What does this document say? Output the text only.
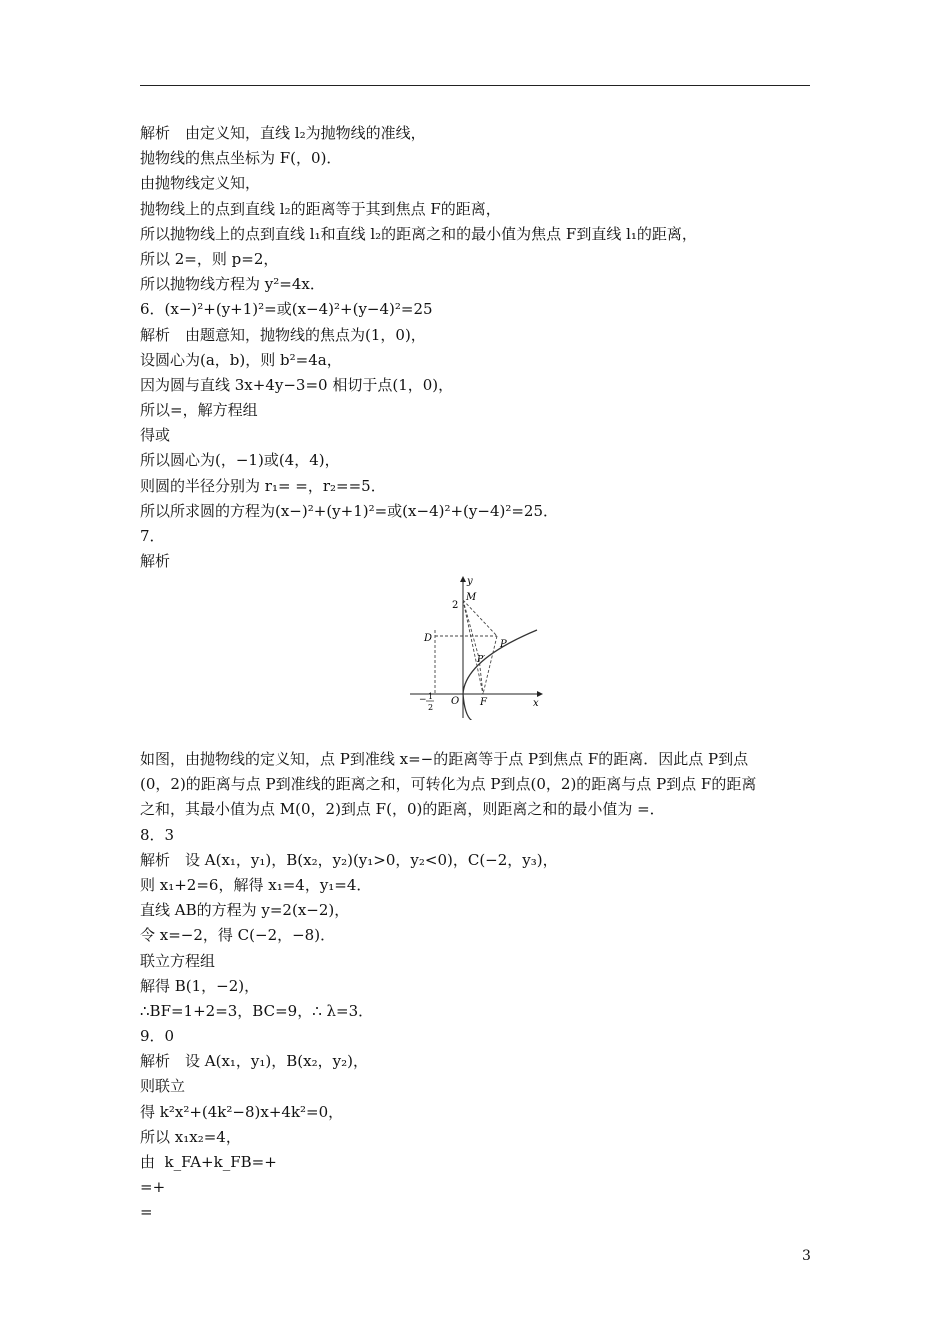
解析　由定义知，直线 l₂为抛物线的准线，
抛物线的焦点坐标为 F(，0)．
由抛物线定义知，
抛物线上的点到直线 l₂的距离等于其到焦点 F的距离，
所以抛物线上的点到直线 l₁和直线 l₂的距离之和的最小值为焦点 F到直线 l₁的距离，
所以 2=，则 p=2，
所以抛物线方程为 y²=4x．
6．(x−)²+(y+1)²=或(x−4)²+(y−4)²=25
解析　由题意知，抛物线的焦点为(1，0)，
设圆心为(a，b)，则 b²=4a，
因为圆与直线 3x+4y−3=0 相切于点(1，0)，
所以=，解方程组
得或
所以圆心为(，−1)或(4，4)，
则圆的半径分别为 r₁= =，r₂==5．
所以所求圆的方程为(x−)²+(y+1)²=或(x−4)²+(y−4)²=25．
7．
解析
y
x
2
M
D
P
P′
O F
− 1
2
如图，由抛物线的定义知，点 P到准线 x=−的距离等于点 P到焦点 F的距离．因此点 P到点
(0，2)的距离与点 P到准线的距离之和，可转化为点 P到点(0，2)的距离与点 P到点 F的距离
之和，其最小值为点 M(0，2)到点 F(，0)的距离，则距离之和的最小值为 =．
8．3
解析　设 A(x₁，y₁)，B(x₂，y₂)(y₁>0，y₂<0)，C(−2，y₃)，
则 x₁+2=6，解得 x₁=4，y₁=4．
直线 AB的方程为 y=2(x−2)，
令 x=−2，得 C(−2，−8)．
联立方程组
解得 B(1，−2)，
∴BF=1+2=3，BC=9，∴ λ=3．
9．0
解析　设 A(x₁，y₁)，B(x₂，y₂)，
则联立
得 k²x²+(4k²−8)x+4k²=0，
所以 x₁x₂=4，
由  k_FA+k_FB=+
=+
=
3
